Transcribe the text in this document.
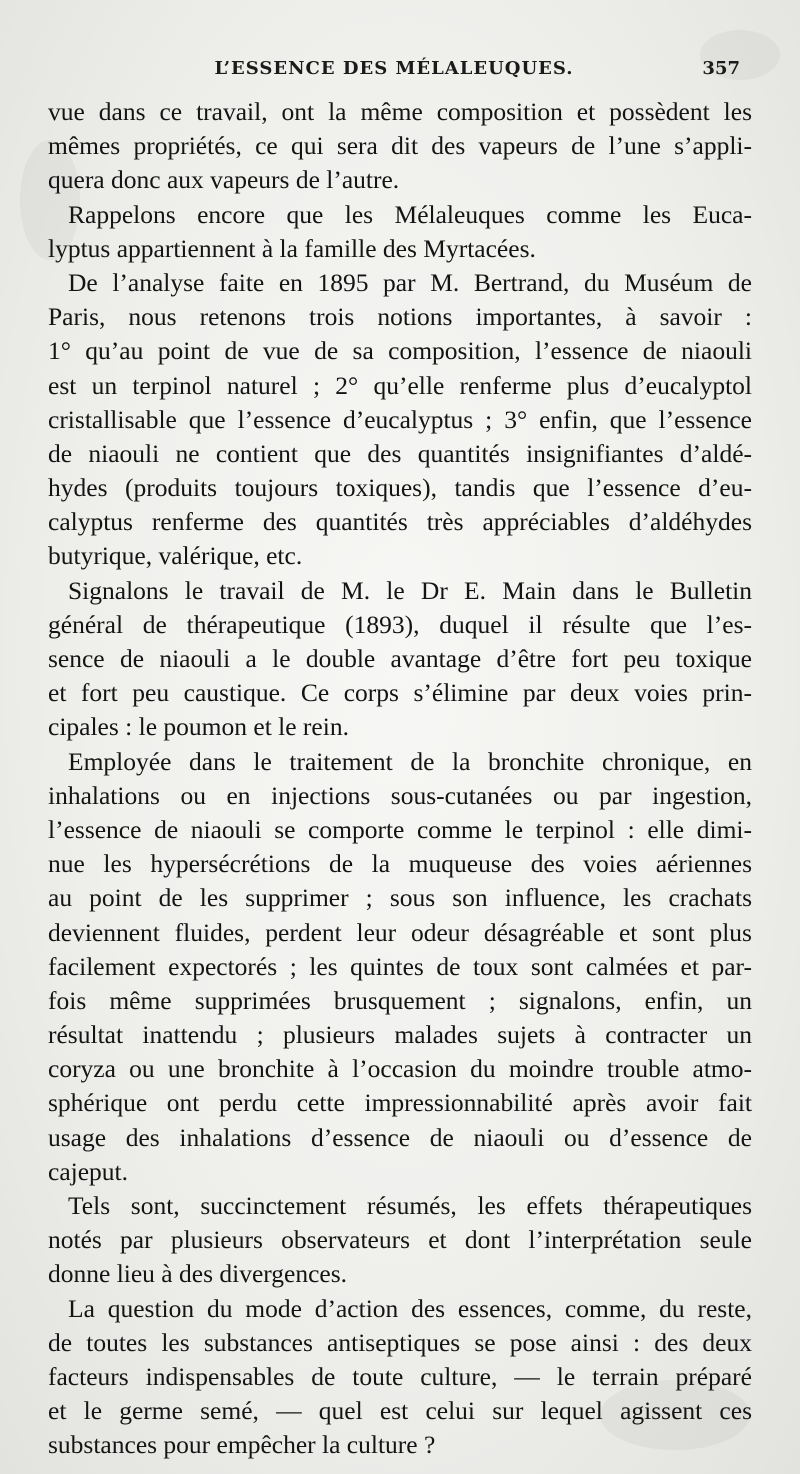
L’ESSENCE DES MÉLALEUQUES.	357
vue dans ce travail, ont la même composition et possèdent les
mêmes propriétés, ce qui sera dit des vapeurs de l’une s’appli-
quera donc aux vapeurs de l’autre.
Rappelons encore que les Mélaleuques comme les Euca-
lyptus appartiennent à la famille des Myrtacées.
De l’analyse faite en 1895 par M. Bertrand, du Muséum de
Paris, nous retenons trois notions importantes, à savoir :
1° qu’au point de vue de sa composition, l’essence de niaouli
est un terpinol naturel ; 2° qu’elle renferme plus d’eucalyptol
cristallisable que l’essence d’eucalyptus ; 3° enfin, que l’essence
de niaouli ne contient que des quantités insignifiantes d’aldé-
hydes (produits toujours toxiques), tandis que l’essence d’eu-
calyptus renferme des quantités très appréciables d’aldéhydes
butyrique, valérique, etc.
Signalons le travail de M. le Dr E. Main dans le Bulletin
général de thérapeutique (1893), duquel il résulte que l’es-
sence de niaouli a le double avantage d’être fort peu toxique
et fort peu caustique. Ce corps s’élimine par deux voies prin-
cipales : le poumon et le rein.
Employée dans le traitement de la bronchite chronique, en
inhalations ou en injections sous-cutanées ou par ingestion,
l’essence de niaouli se comporte comme le terpinol : elle dimi-
nue les hypersécrétions de la muqueuse des voies aériennes
au point de les supprimer ; sous son influence, les crachats
deviennent fluides, perdent leur odeur désagréable et sont plus
facilement expectorés ; les quintes de toux sont calmées et par-
fois même supprimées brusquement ; signalons, enfin, un
résultat inattendu ; plusieurs malades sujets à contracter un
coryza ou une bronchite à l’occasion du moindre trouble atmo-
sphérique ont perdu cette impressionnabilité après avoir fait
usage des inhalations d’essence de niaouli ou d’essence de
cajeput.
Tels sont, succinctement résumés, les effets thérapeutiques
notés par plusieurs observateurs et dont l’interprétation seule
donne lieu à des divergences.
La question du mode d’action des essences, comme, du reste,
de toutes les substances antiseptiques se pose ainsi : des deux
facteurs indispensables de toute culture, — le terrain préparé
et le germe semé, — quel est celui sur lequel agissent ces
substances pour empêcher la culture ?
